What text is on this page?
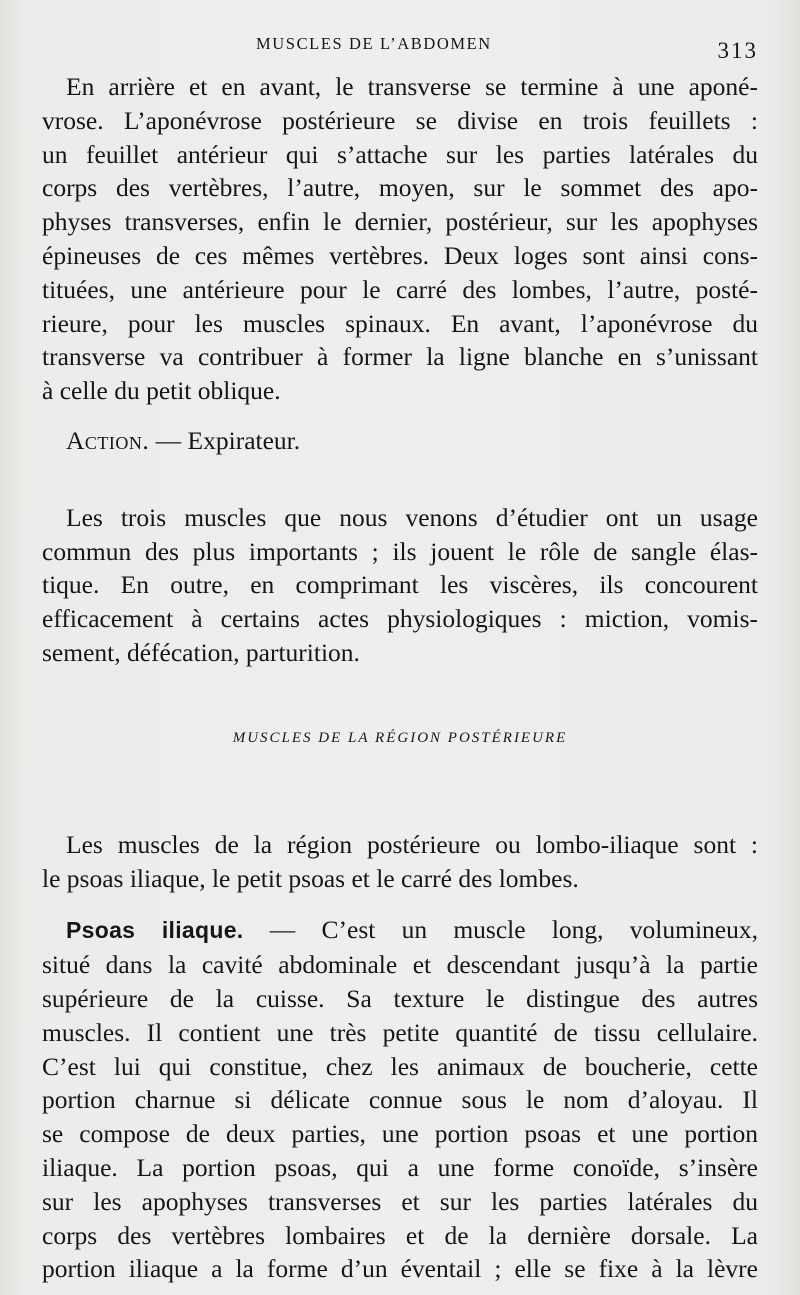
MUSCLES DE L’ABDOMEN	313

En arrière et en avant, le transverse se termine à une aponé-
vrose. L’aponévrose postérieure se divise en trois feuillets :
un feuillet antérieur qui s’attache sur les parties latérales du
corps des vertèbres, l’autre, moyen, sur le sommet des apo-
physes transverses, enfin le dernier, postérieur, sur les apophyses
épineuses de ces mêmes vertèbres. Deux loges sont ainsi cons-
tituées, une antérieure pour le carré des lombes, l’autre, posté-
rieure, pour les muscles spinaux. En avant, l’aponévrose du
transverse va contribuer à former la ligne blanche en s’unissant
à celle du petit oblique.

Action. — Expirateur.

Les trois muscles que nous venons d’étudier ont un usage
commun des plus importants ; ils jouent le rôle de sangle élas-
tique. En outre, en comprimant les viscères, ils concourent
efficacement à certains actes physiologiques : miction, vomis-
sement, défécation, parturition.

MUSCLES DE LA RÉGION POSTÉRIEURE

Les muscles de la région postérieure ou lombo-iliaque sont :
le psoas iliaque, le petit psoas et le carré des lombes.

Psoas iliaque. — C’est un muscle long, volumineux,
situé dans la cavité abdominale et descendant jusqu’à la partie
supérieure de la cuisse. Sa texture le distingue des autres
muscles. Il contient une très petite quantité de tissu cellulaire.
C’est lui qui constitue, chez les animaux de boucherie, cette
portion charnue si délicate connue sous le nom d’aloyau. Il
se compose de deux parties, une portion psoas et une portion
iliaque. La portion psoas, qui a une forme conoïde, s’insère
sur les apophyses transverses et sur les parties latérales du
corps des vertèbres lombaires et de la dernière dorsale. La
portion iliaque a la forme d’un éventail ; elle se fixe à la lèvre
